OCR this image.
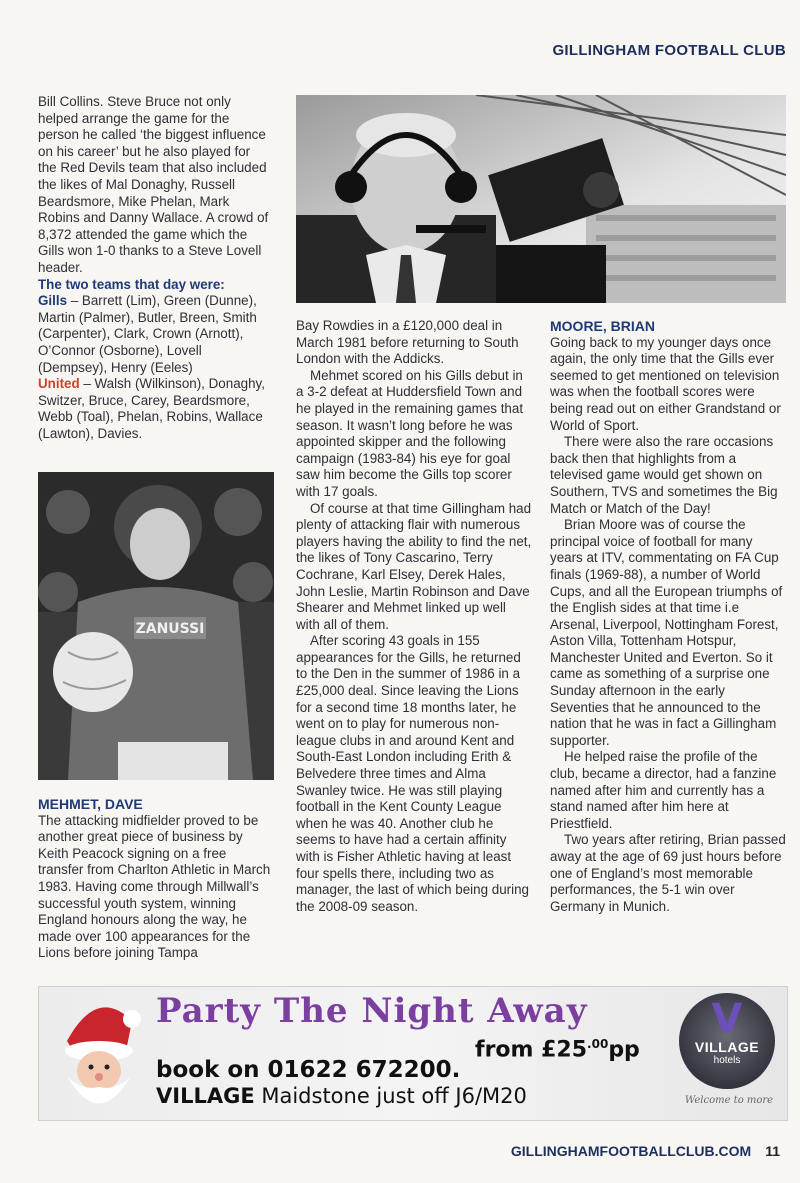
GILLINGHAM FOOTBALL CLUB

Bill Collins. Steve Bruce not only helped arrange the game for the person he called ‘the biggest influence on his career’ but he also played for the Red Devils team that also included the likes of Mal Donaghy, Russell Beardsmore, Mike Phelan, Mark Robins and Danny Wallace. A crowd of 8,372 attended the game which the Gills won 1-0 thanks to a Steve Lovell header.

The two teams that day were:

Gills – Barrett (Lim), Green (Dunne), Martin (Palmer), Butler, Breen, Smith (Carpenter), Clark, Crown (Arnott), O’Connor (Osborne), Lovell (Dempsey), Henry (Eeles)

United – Walsh (Wilkinson), Donaghy, Switzer, Bruce, Carey, Beardsmore, Webb (Toal), Phelan, Robins, Wallace (Lawton), Davies.

ZANUSSI

MEHMET, DAVE

The attacking midfielder proved to be another great piece of business by Keith Peacock signing on a free transfer from Charlton Athletic in March 1983. Having come through Millwall’s successful youth system, winning England honours along the way, he made over 100 appearances for the Lions before joining Tampa

Bay Rowdies in a £120,000 deal in March 1981 before returning to South London with the Addicks.

Mehmet scored on his Gills debut in a 3-2 defeat at Huddersfield Town and he played in the remaining games that season. It wasn’t long before he was appointed skipper and the following campaign (1983-84) his eye for goal saw him become the Gills top scorer with 17 goals.

Of course at that time Gillingham had plenty of attacking flair with numerous players having the ability to find the net, the likes of Tony Cascarino, Terry Cochrane, Karl Elsey, Derek Hales, John Leslie, Martin Robinson and Dave Shearer and Mehmet linked up well with all of them.

After scoring 43 goals in 155 appearances for the Gills, he returned to the Den in the summer of 1986 in a £25,000 deal. Since leaving the Lions for a second time 18 months later, he went on to play for numerous non-league clubs in and around Kent and South-East London including Erith & Belvedere three times and Alma Swanley twice. He was still playing football in the Kent County League when he was 40. Another club he seems to have had a certain affinity with is Fisher Athletic having at least four spells there, including two as manager, the last of which being during the 2008-09 season.

MOORE, BRIAN

Going back to my younger days once again, the only time that the Gills ever seemed to get mentioned on television was when the football scores were being read out on either Grandstand or World of Sport.

There were also the rare occasions back then that highlights from a televised game would get shown on Southern, TVS and sometimes the Big Match or Match of the Day!

Brian Moore was of course the principal voice of football for many years at ITV, commentating on FA Cup finals (1969-88), a number of World Cups, and all the European triumphs of the English sides at that time i.e Arsenal, Liverpool, Nottingham Forest, Aston Villa, Tottenham Hotspur, Manchester United and Everton. So it came as something of a surprise one Sunday afternoon in the early Seventies that he announced to the nation that he was in fact a Gillingham supporter.

He helped raise the profile of the club, became a director, had a fanzine named after him and currently has a stand named after him here at Priestfield.

Two years after retiring, Brian passed away at the age of 69 just hours before one of England’s most memorable performances, the 5-1 win over Germany in Munich.

Party The Night Away
from $£25^{.00}pp$
book on 01622 672200.
VILLAGE Maidstone just off J6/M20
V
VILLAGE
hotels
Welcome to more
GILLINGHAMFOOTBALLCLUB.COM 11
